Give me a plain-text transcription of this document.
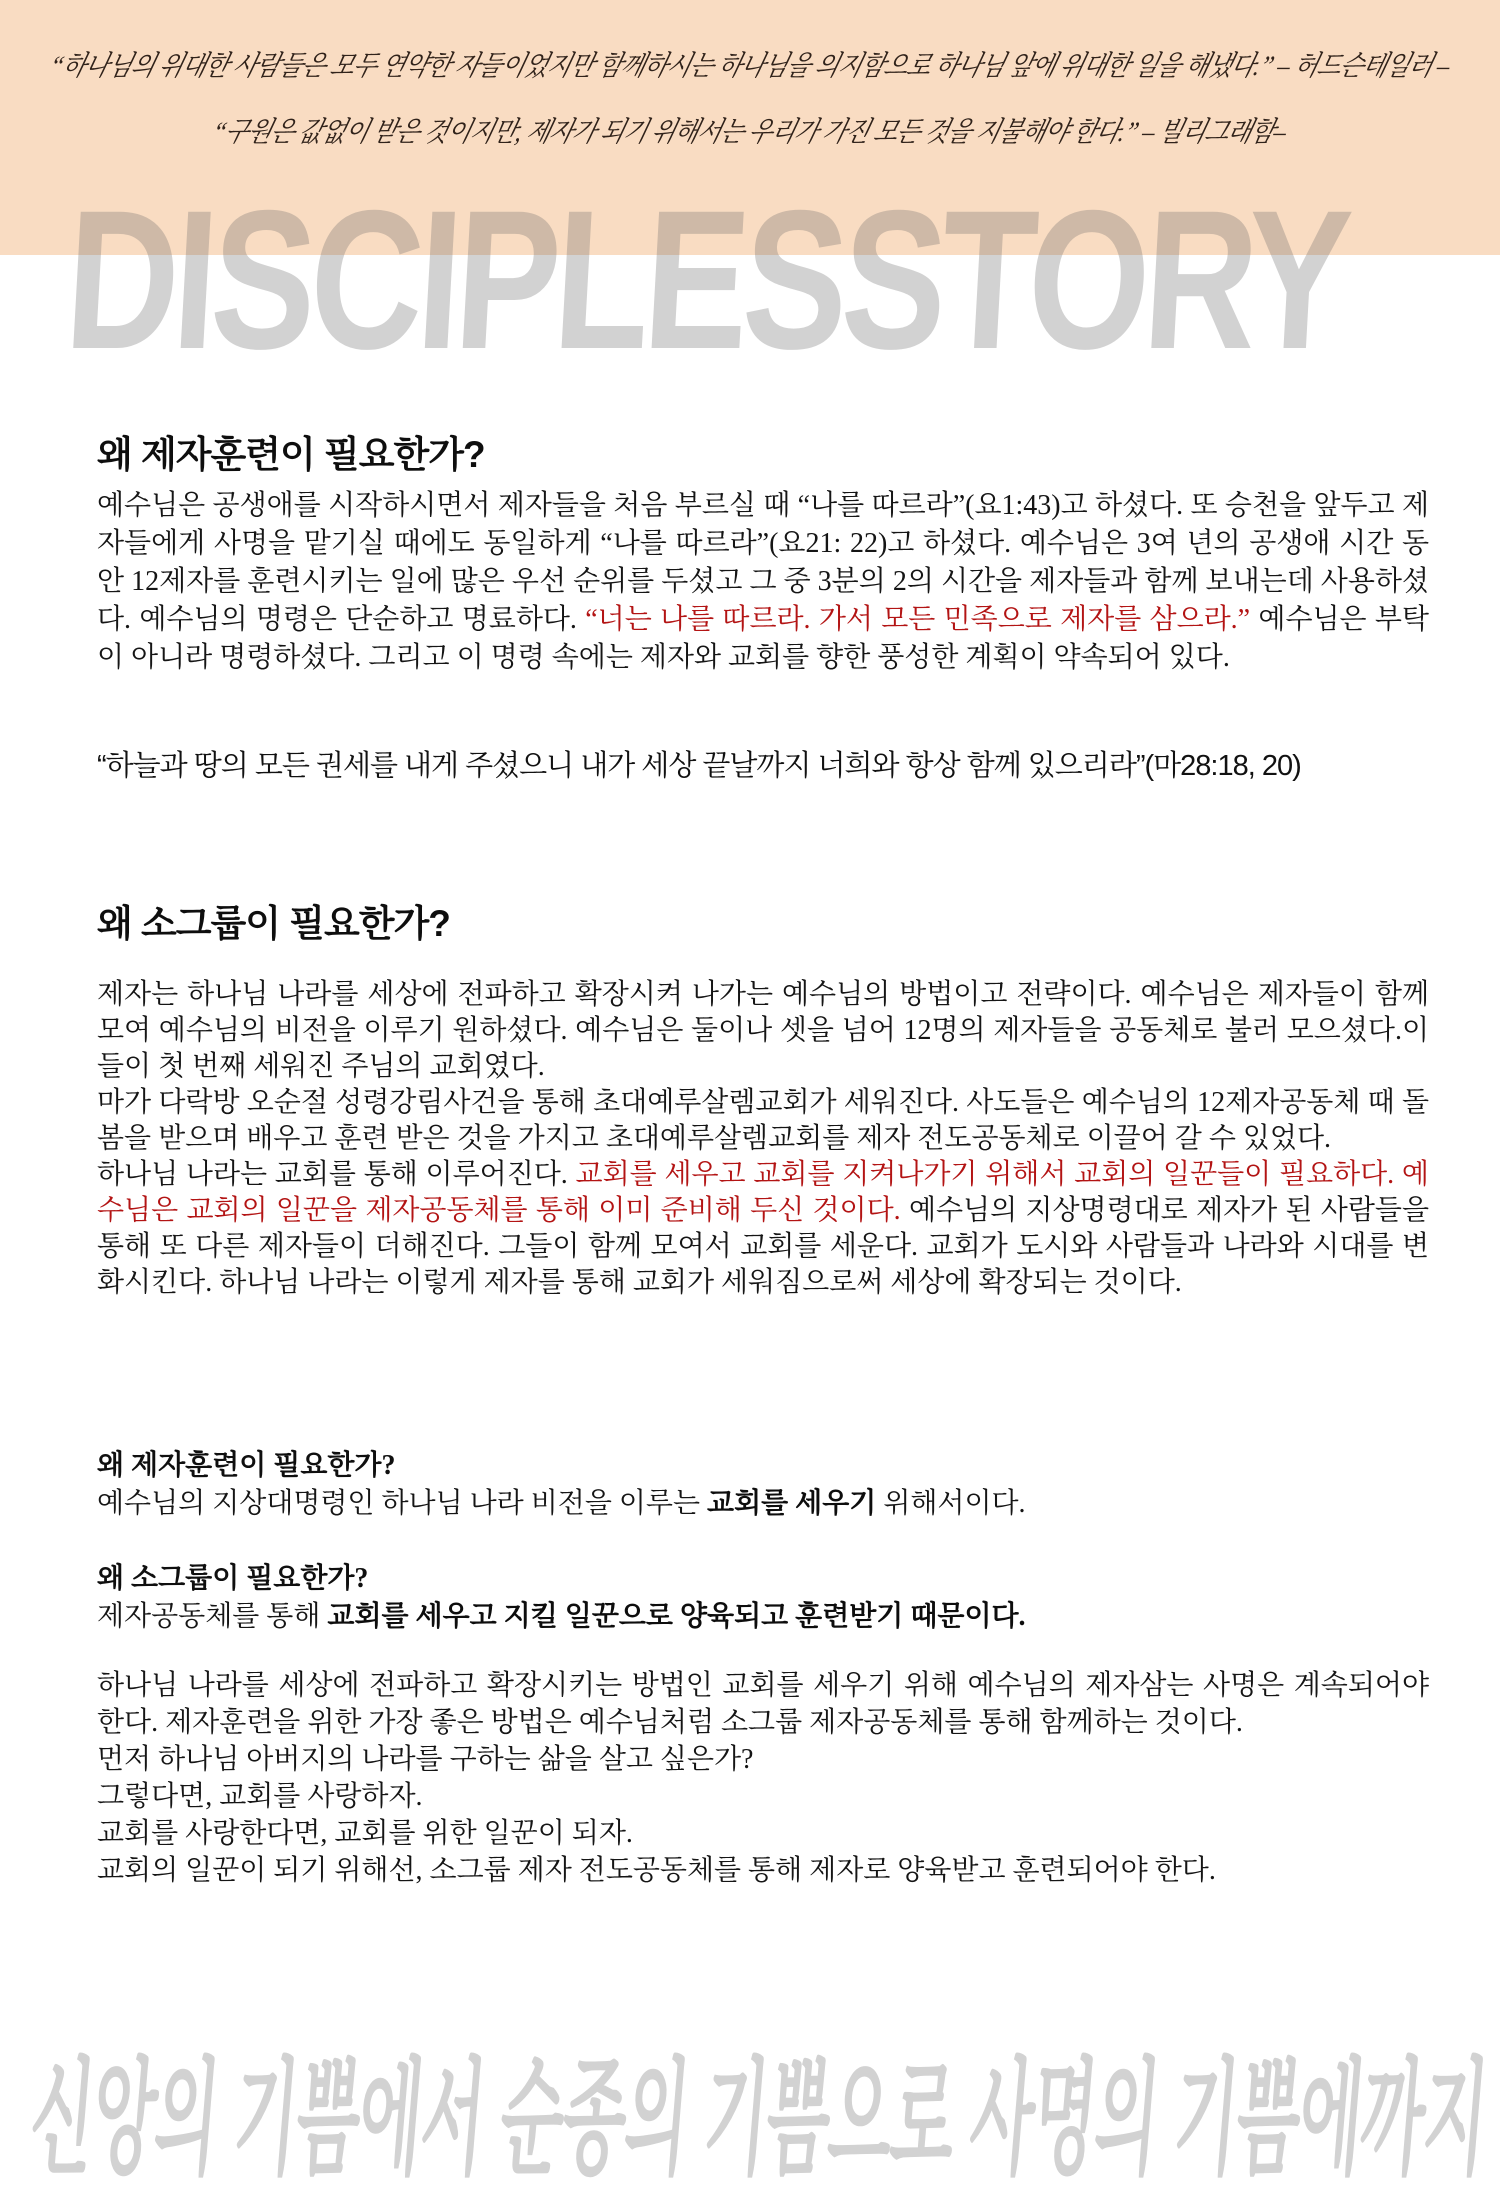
“하나님의 위대한 사람들은 모두 연약한 자들이었지만 함께하시는 하나님을 의지함으로 하나님 앞에 위대한 일을 해냈다.” – 허드슨테일러 –
“구원은 값없이 받은 것이지만, 제자가 되기 위해서는 우리가 가진 모든 것을 지불해야 한다.” – 빌리그래함–
DISCIPLESSTORY
왜 제자훈련이 필요한가?
예수님은 공생애를 시작하시면서 제자들을 처음 부르실 때 “나를 따르라”(요1:43)고 하셨다. 또 승천을 앞두고 제자들에게 사명을 맡기실 때에도 동일하게 “나를 따르라”(요21: 22)고 하셨다. 예수님은 3여 년의 공생애 시간 동안 12제자를 훈련시키는 일에 많은 우선 순위를 두셨고 그 중 3분의 2의 시간을 제자들과 함께 보내는데 사용하셨다. 예수님의 명령은 단순하고 명료하다. “너는 나를 따르라. 가서 모든 민족으로 제자를 삼으라.” 예수님은 부탁이 아니라 명령하셨다. 그리고 이 명령 속에는 제자와 교회를 향한 풍성한 계획이 약속되어 있다.
“하늘과 땅의 모든 권세를 내게 주셨으니 내가 세상 끝날까지 너희와 항상 함께 있으리라”(마28:18, 20)
왜 소그룹이 필요한가?
제자는 하나님 나라를 세상에 전파하고 확장시켜 나가는 예수님의 방법이고 전략이다. 예수님은 제자들이 함께 모여 예수님의 비전을 이루기 원하셨다. 예수님은 둘이나 셋을 넘어 12명의 제자들을 공동체로 불러 모으셨다.이들이 첫 번째 세워진 주님의 교회였다.
마가 다락방 오순절 성령강림사건을 통해 초대예루살렘교회가 세워진다. 사도들은 예수님의 12제자공동체 때 돌봄을 받으며 배우고 훈련 받은 것을 가지고 초대예루살렘교회를 제자 전도공동체로 이끌어 갈 수 있었다.
하나님 나라는 교회를 통해 이루어진다. 교회를 세우고 교회를 지켜나가기 위해서 교회의 일꾼들이 필요하다. 예수님은 교회의 일꾼을 제자공동체를 통해 이미 준비해 두신 것이다. 예수님의 지상명령대로 제자가 된 사람들을 통해 또 다른 제자들이 더해진다. 그들이 함께 모여서 교회를 세운다. 교회가 도시와 사람들과 나라와 시대를 변화시킨다. 하나님 나라는 이렇게 제자를 통해 교회가 세워짐으로써 세상에 확장되는 것이다.
왜 제자훈련이 필요한가?
예수님의 지상대명령인 하나님 나라 비전을 이루는 교회를 세우기 위해서이다.
왜 소그룹이 필요한가?
제자공동체를 통해 교회를 세우고 지킬 일꾼으로 양육되고 훈련받기 때문이다.
하나님 나라를 세상에 전파하고 확장시키는 방법인 교회를 세우기 위해 예수님의 제자삼는 사명은 계속되어야 한다. 제자훈련을 위한 가장 좋은 방법은 예수님처럼 소그룹 제자공동체를 통해 함께하는 것이다.
먼저 하나님 아버지의 나라를 구하는 삶을 살고 싶은가?
그렇다면, 교회를 사랑하자.
교회를 사랑한다면, 교회를 위한 일꾼이 되자.
교회의 일꾼이 되기 위해선, 소그룹 제자 전도공동체를 통해 제자로 양육받고 훈련되어야 한다.
신앙의 기쁨에서 순종의 기쁨으로 사명의 기쁨에까지
